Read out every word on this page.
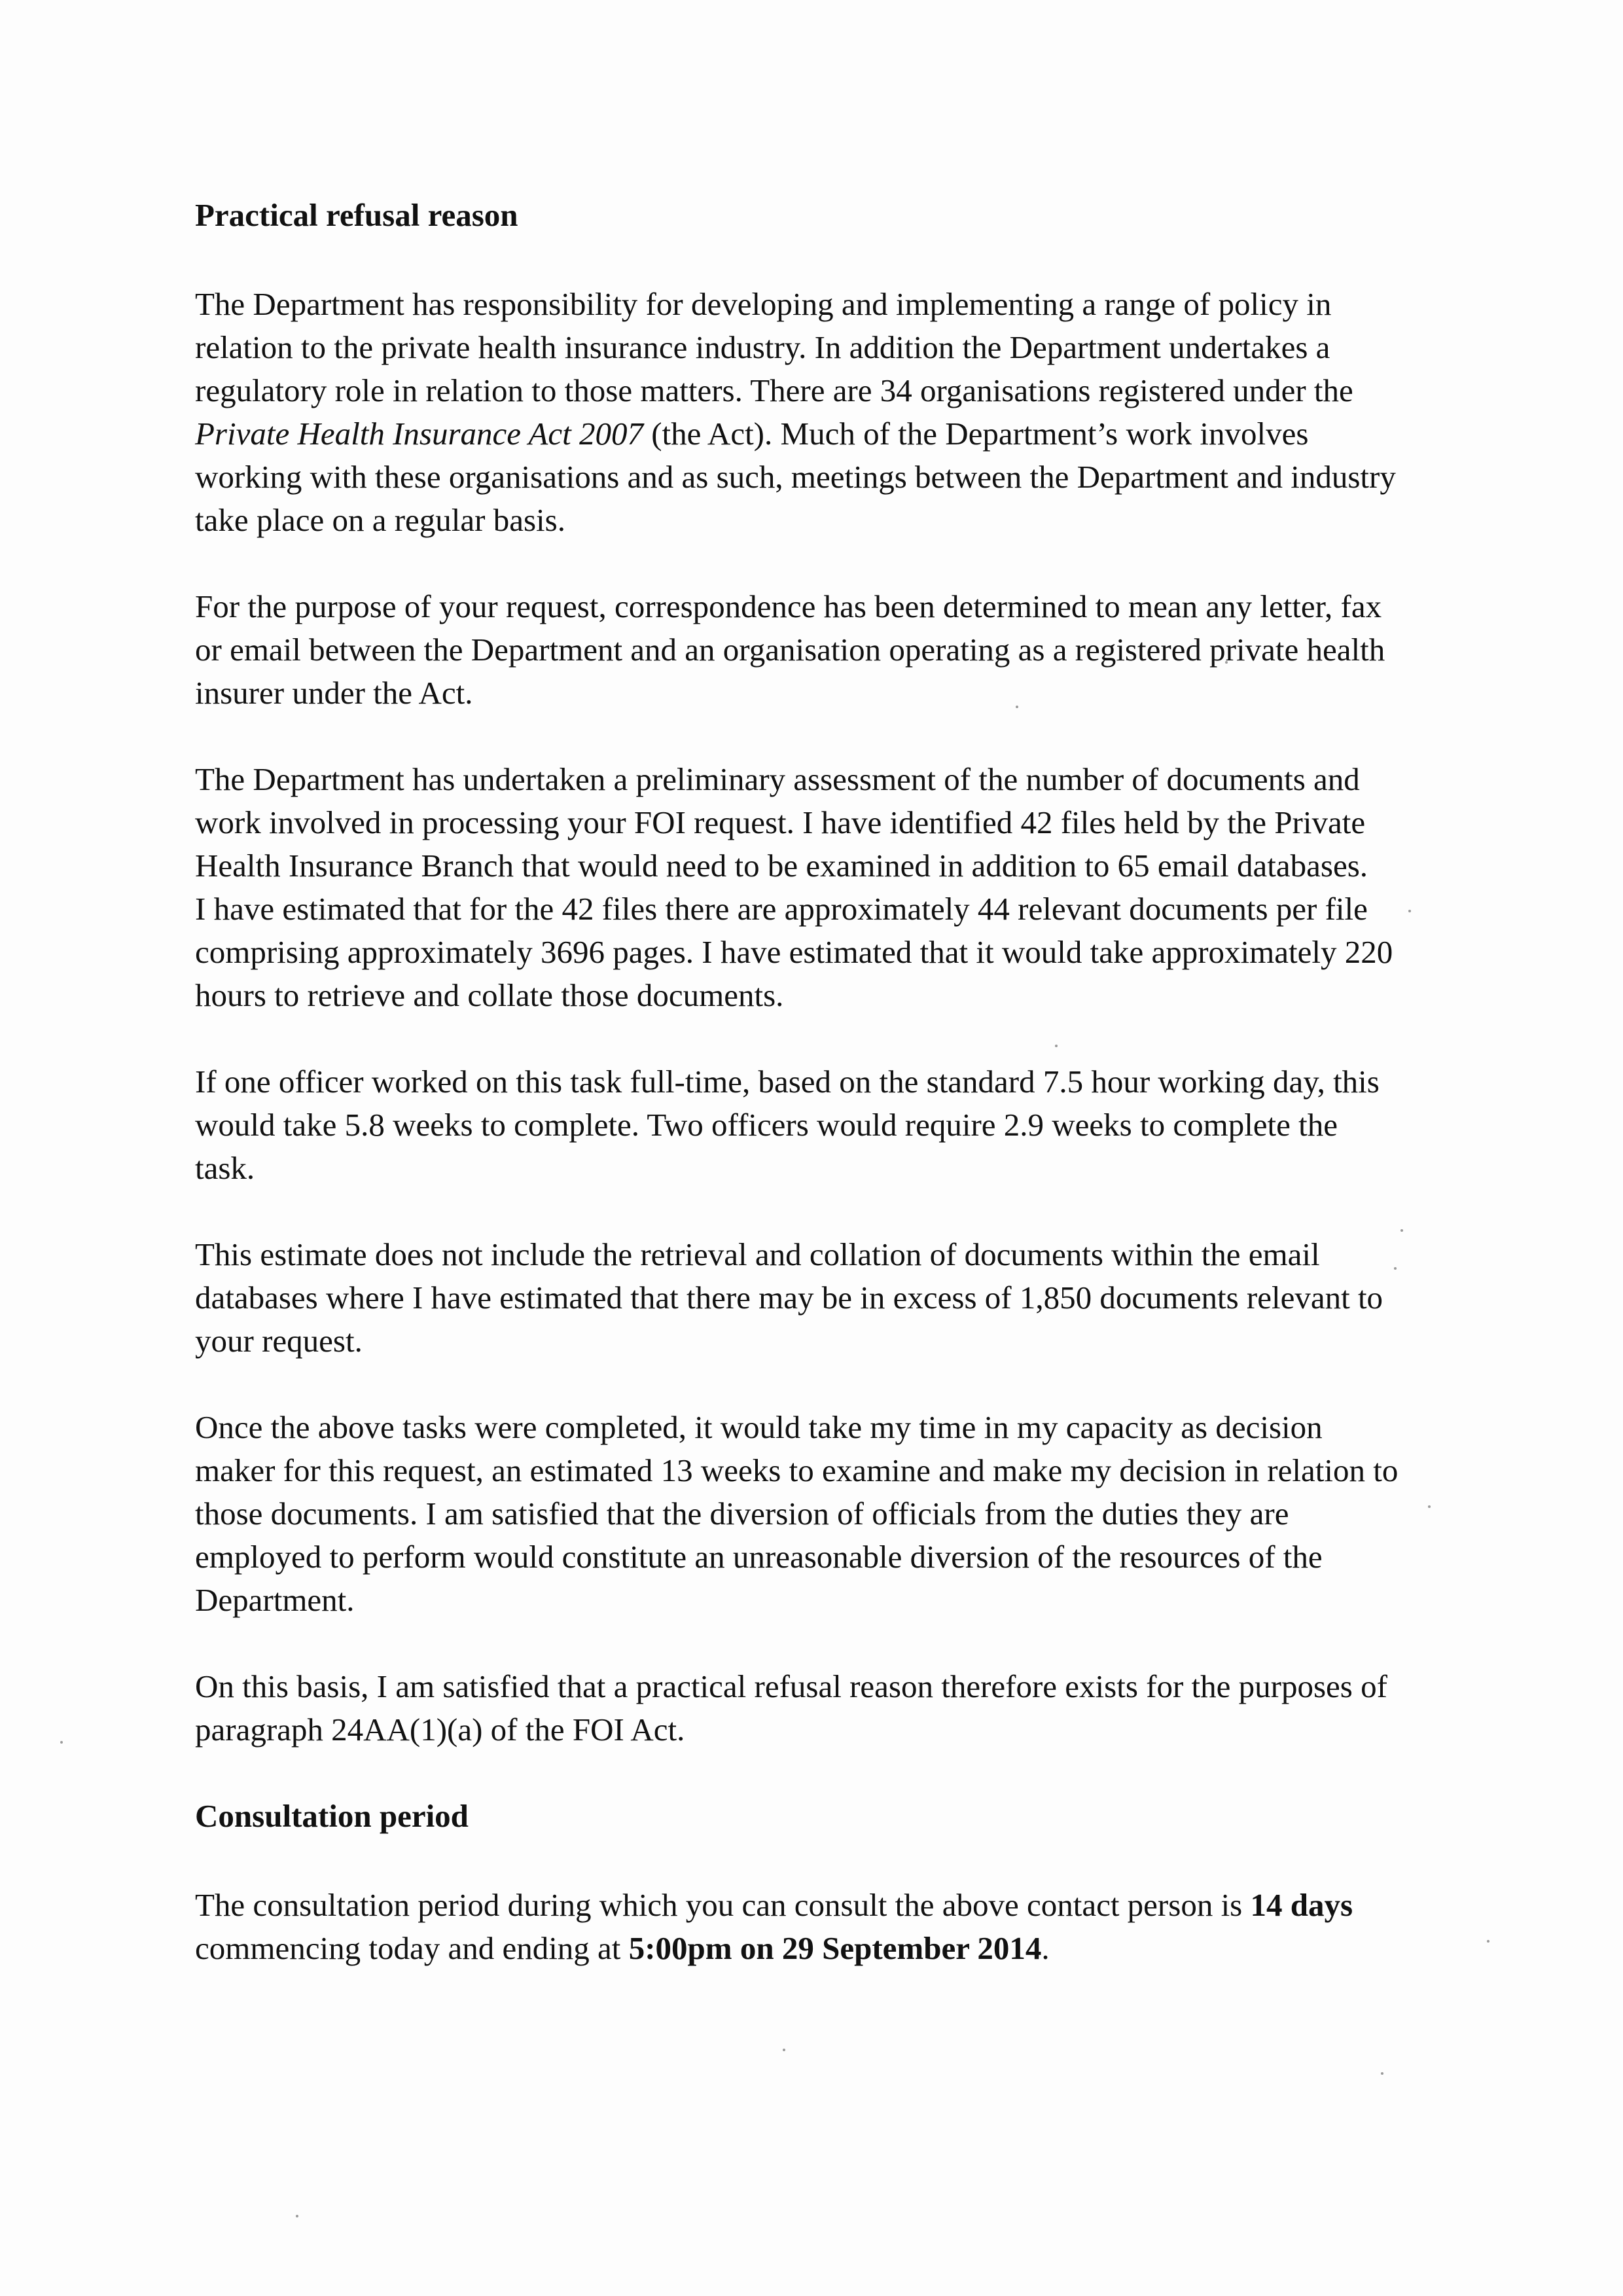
Practical refusal reason
The Department has responsibility for developing and implementing a range of policy in
relation to the private health insurance industry. In addition the Department undertakes a
regulatory role in relation to those matters. There are 34 organisations registered under the
Private Health Insurance Act 2007 (the Act). Much of the Department’s work involves
working with these organisations and as such, meetings between the Department and industry
take place on a regular basis.
For the purpose of your request, correspondence has been determined to mean any letter, fax
or email between the Department and an organisation operating as a registered private health
insurer under the Act.
The Department has undertaken a preliminary assessment of the number of documents and
work involved in processing your FOI request. I have identified 42 files held by the Private
Health Insurance Branch that would need to be examined in addition to 65 email databases.
I have estimated that for the 42 files there are approximately 44 relevant documents per file
comprising approximately 3696 pages. I have estimated that it would take approximately 220
hours to retrieve and collate those documents.
If one officer worked on this task full-time, based on the standard 7.5 hour working day, this
would take 5.8 weeks to complete. Two officers would require 2.9 weeks to complete the
task.
This estimate does not include the retrieval and collation of documents within the email
databases where I have estimated that there may be in excess of 1,850 documents relevant to
your request.
Once the above tasks were completed, it would take my time in my capacity as decision
maker for this request, an estimated 13 weeks to examine and make my decision in relation to
those documents. I am satisfied that the diversion of officials from the duties they are
employed to perform would constitute an unreasonable diversion of the resources of the
Department.
On this basis, I am satisfied that a practical refusal reason therefore exists for the purposes of
paragraph 24AA(1)(a) of the FOI Act.
Consultation period
The consultation period during which you can consult the above contact person is 14 days
commencing today and ending at 5:00pm on 29 September 2014.
